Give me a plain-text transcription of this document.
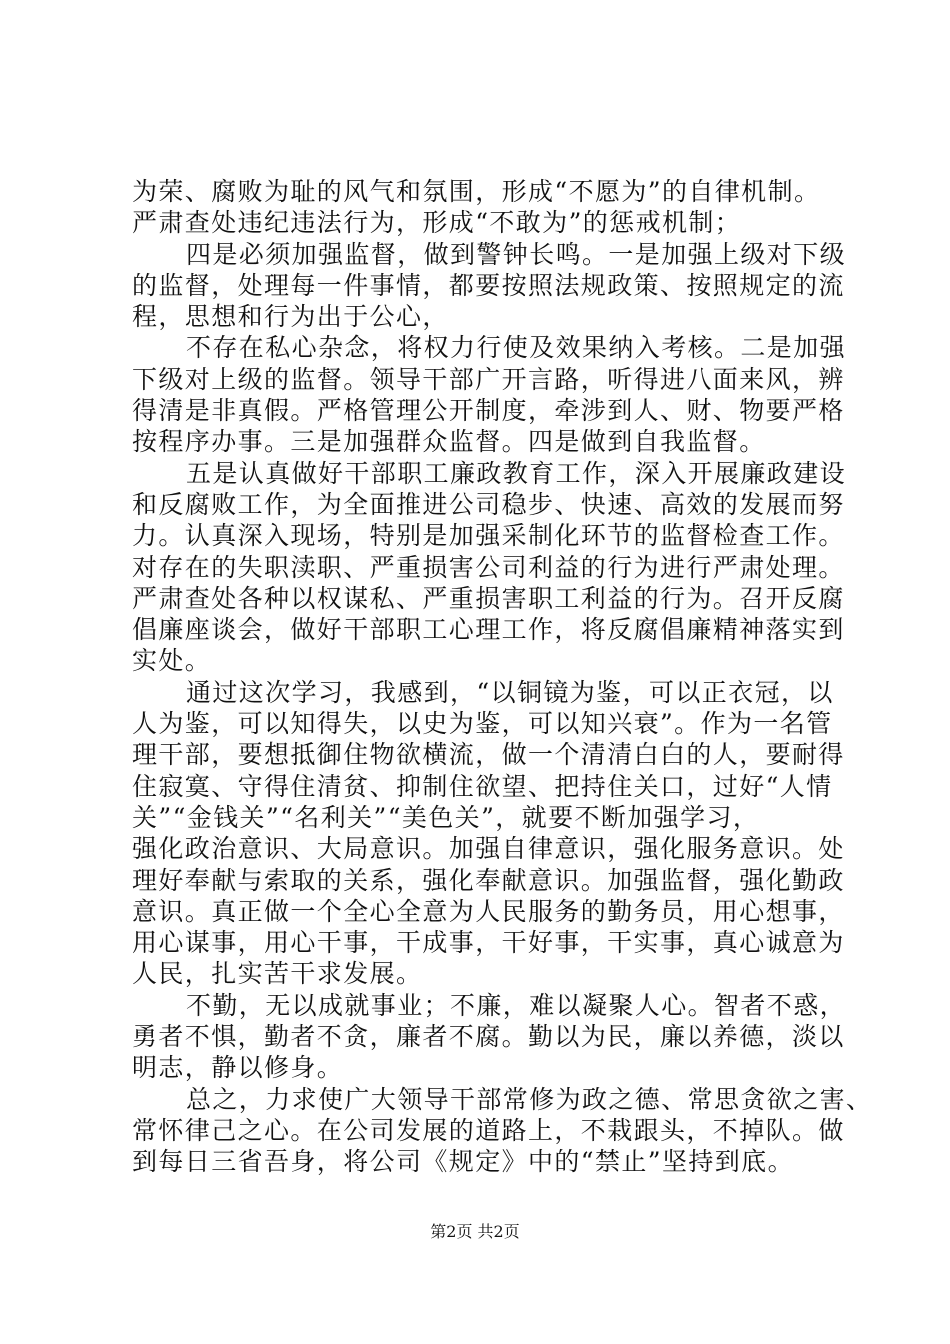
为荣、腐败为耻的风气和氛围，形成“不愿为”的自律机制。
严肃查处违纪违法行为，形成“不敢为”的惩戒机制；
四是必须加强监督，做到警钟长鸣。一是加强上级对下级
的监督，处理每一件事情，都要按照法规政策、按照规定的流
程，思想和行为出于公心，
不存在私心杂念，将权力行使及效果纳入考核。二是加强
下级对上级的监督。领导干部广开言路，听得进八面来风，辨
得清是非真假。严格管理公开制度，牵涉到人、财、物要严格
按程序办事。三是加强群众监督。四是做到自我监督。
五是认真做好干部职工廉政教育工作，深入开展廉政建设
和反腐败工作，为全面推进公司稳步、快速、高效的发展而努
力。认真深入现场，特别是加强采制化环节的监督检查工作。
对存在的失职渎职、严重损害公司利益的行为进行严肃处理。
严肃查处各种以权谋私、严重损害职工利益的行为。召开反腐
倡廉座谈会，做好干部职工心理工作，将反腐倡廉精神落实到
实处。
通过这次学习，我感到，“以铜镜为鉴，可以正衣冠，以
人为鉴，可以知得失，以史为鉴，可以知兴衰”。作为一名管
理干部，要想抵御住物欲横流，做一个清清白白的人，要耐得
住寂寞、守得住清贫、抑制住欲望、把持住关口，过好“人情
关”“金钱关”“名利关”“美色关”，就要不断加强学习，
强化政治意识、大局意识。加强自律意识，强化服务意识。处
理好奉献与索取的关系，强化奉献意识。加强监督，强化勤政
意识。真正做一个全心全意为人民服务的勤务员，用心想事，
用心谋事，用心干事，干成事，干好事，干实事，真心诚意为
人民，扎实苦干求发展。
不勤，无以成就事业；不廉，难以凝聚人心。智者不惑，
勇者不惧，勤者不贪，廉者不腐。勤以为民，廉以养德，淡以
明志，静以修身。
总之，力求使广大领导干部常修为政之德、常思贪欲之害、
常怀律己之心。在公司发展的道路上，不栽跟头，不掉队。做
到每日三省吾身，将公司《规定》中的“禁止”坚持到底。
第2页 共2页
